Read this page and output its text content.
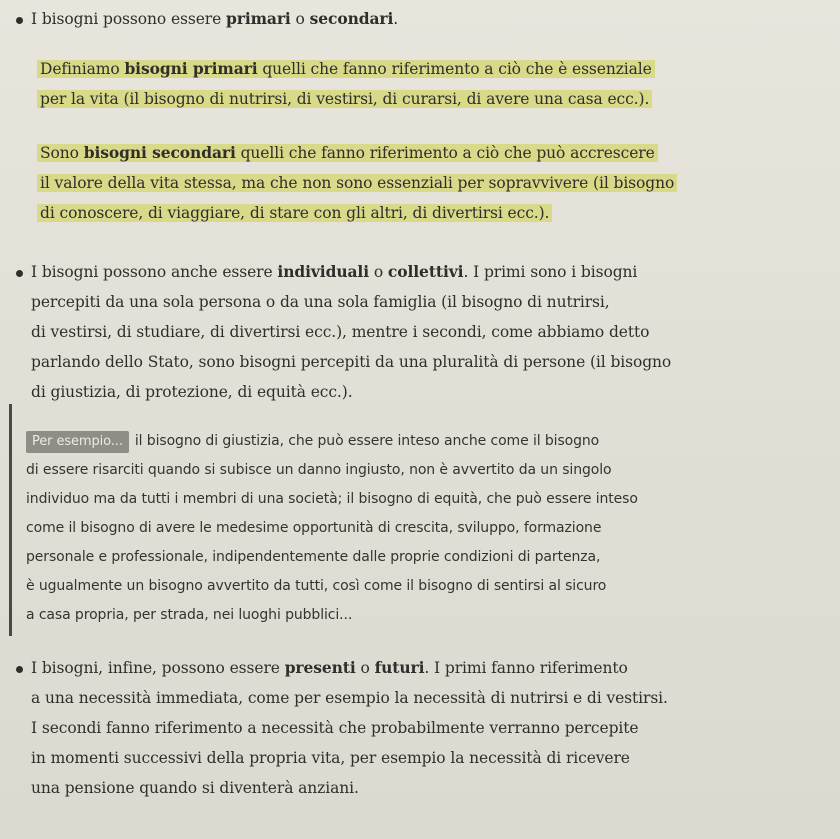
I bisogni possono essere primari o secondari.
Definiamo bisogni primari quelli che fanno riferimento a ciò che è essenziale
per la vita (il bisogno di nutrirsi, di vestirsi, di curarsi, di avere una casa ecc.).
Sono bisogni secondari quelli che fanno riferimento a ciò che può accrescere
il valore della vita stessa, ma che non sono essenziali per sopravvivere (il bisogno
di conoscere, di viaggiare, di stare con gli altri, di divertirsi ecc.).
I bisogni possono anche essere individuali o collettivi. I primi sono i bisogni
percepiti da una sola persona o da una sola famiglia (il bisogno di nutrirsi,
di vestirsi, di studiare, di divertirsi ecc.), mentre i secondi, come abbiamo detto
parlando dello Stato, sono bisogni percepiti da una pluralità di persone (il bisogno
di giustizia, di protezione, di equità ecc.).
Per esempio... il bisogno di giustizia, che può essere inteso anche come il bisogno
di essere risarciti quando si subisce un danno ingiusto, non è avvertito da un singolo
individuo ma da tutti i membri di una società; il bisogno di equità, che può essere inteso
come il bisogno di avere le medesime opportunità di crescita, sviluppo, formazione
personale e professionale, indipendentemente dalle proprie condizioni di partenza,
è ugualmente un bisogno avvertito da tutti, così come il bisogno di sentirsi al sicuro
a casa propria, per strada, nei luoghi pubblici...
I bisogni, infine, possono essere presenti o futuri. I primi fanno riferimento
a una necessità immediata, come per esempio la necessità di nutrirsi e di vestirsi.
I secondi fanno riferimento a necessità che probabilmente verranno percepite
in momenti successivi della propria vita, per esempio la necessità di ricevere
una pensione quando si diventerà anziani.
